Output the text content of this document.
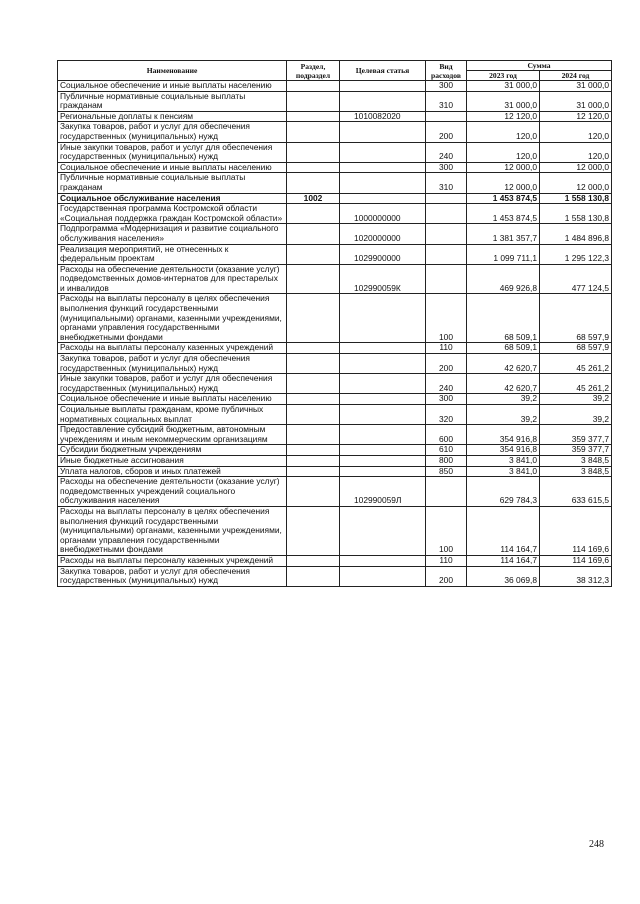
Наименование	Раздел, подраздел	Целевая статья	Вид расходов	Сумма	
				2023 год	2024 год
Социальное обеспечение и иные выплаты населению			300	31 000,0	31 000,0
Публичные нормативные социальные выплаты гражданам			310	31 000,0	31 000,0
Региональные доплаты к пенсиям		1010082020		12 120,0	12 120,0
Закупка товаров, работ и услуг для обеспечения государственных (муниципальных) нужд			200	120,0	120,0
Иные закупки товаров, работ и услуг для обеспечения государственных (муниципальных) нужд			240	120,0	120,0
Социальное обеспечение и иные выплаты населению			300	12 000,0	12 000,0
Публичные нормативные социальные выплаты гражданам			310	12 000,0	12 000,0
Социальное обслуживание населения	1002			1 453 874,5	1 558 130,8
Государственная программа Костромской области «Социальная поддержка граждан Костромской области»		1000000000		1 453 874,5	1 558 130,8
Подпрограмма «Модернизация и развитие социального обслуживания населения»		1020000000		1 381 357,7	1 484 896,8
Реализация мероприятий, не отнесенных к федеральным проектам		1029900000		1 099 711,1	1 295 122,3
Расходы на обеспечение деятельности (оказание услуг) подведомственных домов-интернатов для престарелых и инвалидов		102990059К		469 926,8	477 124,5
Расходы на выплаты персоналу в целях обеспечения выполнения функций государственными (муниципальными) органами, казенными учреждениями, органами управления государственными внебюджетными фондами			100	68 509,1	68 597,9
Расходы на выплаты персоналу казенных учреждений			110	68 509,1	68 597,9
Закупка товаров, работ и услуг для обеспечения государственных (муниципальных) нужд			200	42 620,7	45 261,2
Иные закупки товаров, работ и услуг для обеспечения государственных (муниципальных) нужд			240	42 620,7	45 261,2
Социальное обеспечение и иные выплаты населению			300	39,2	39,2
Социальные выплаты гражданам, кроме публичных нормативных социальных выплат			320	39,2	39,2
Предоставление субсидий бюджетным, автономным учреждениям и иным некоммерческим организациям			600	354 916,8	359 377,7
Субсидии бюджетным учреждениям			610	354 916,8	359 377,7
Иные бюджетные ассигнования			800	3 841,0	3 848,5
Уплата налогов, сборов и иных платежей			850	3 841,0	3 848,5
Расходы на обеспечение деятельности (оказание услуг) подведомственных учреждений социального обслуживания населения		102990059Л		629 784,3	633 615,5
Расходы на выплаты персоналу в целях обеспечения выполнения функций государственными (муниципальными) органами, казенными учреждениями, органами управления государственными внебюджетными фондами			100	114 164,7	114 169,6
Расходы на выплаты персоналу казенных учреждений			110	114 164,7	114 169,6
Закупка товаров, работ и услуг для обеспечения государственных (муниципальных) нужд			200	36 069,8	38 312,3
248
